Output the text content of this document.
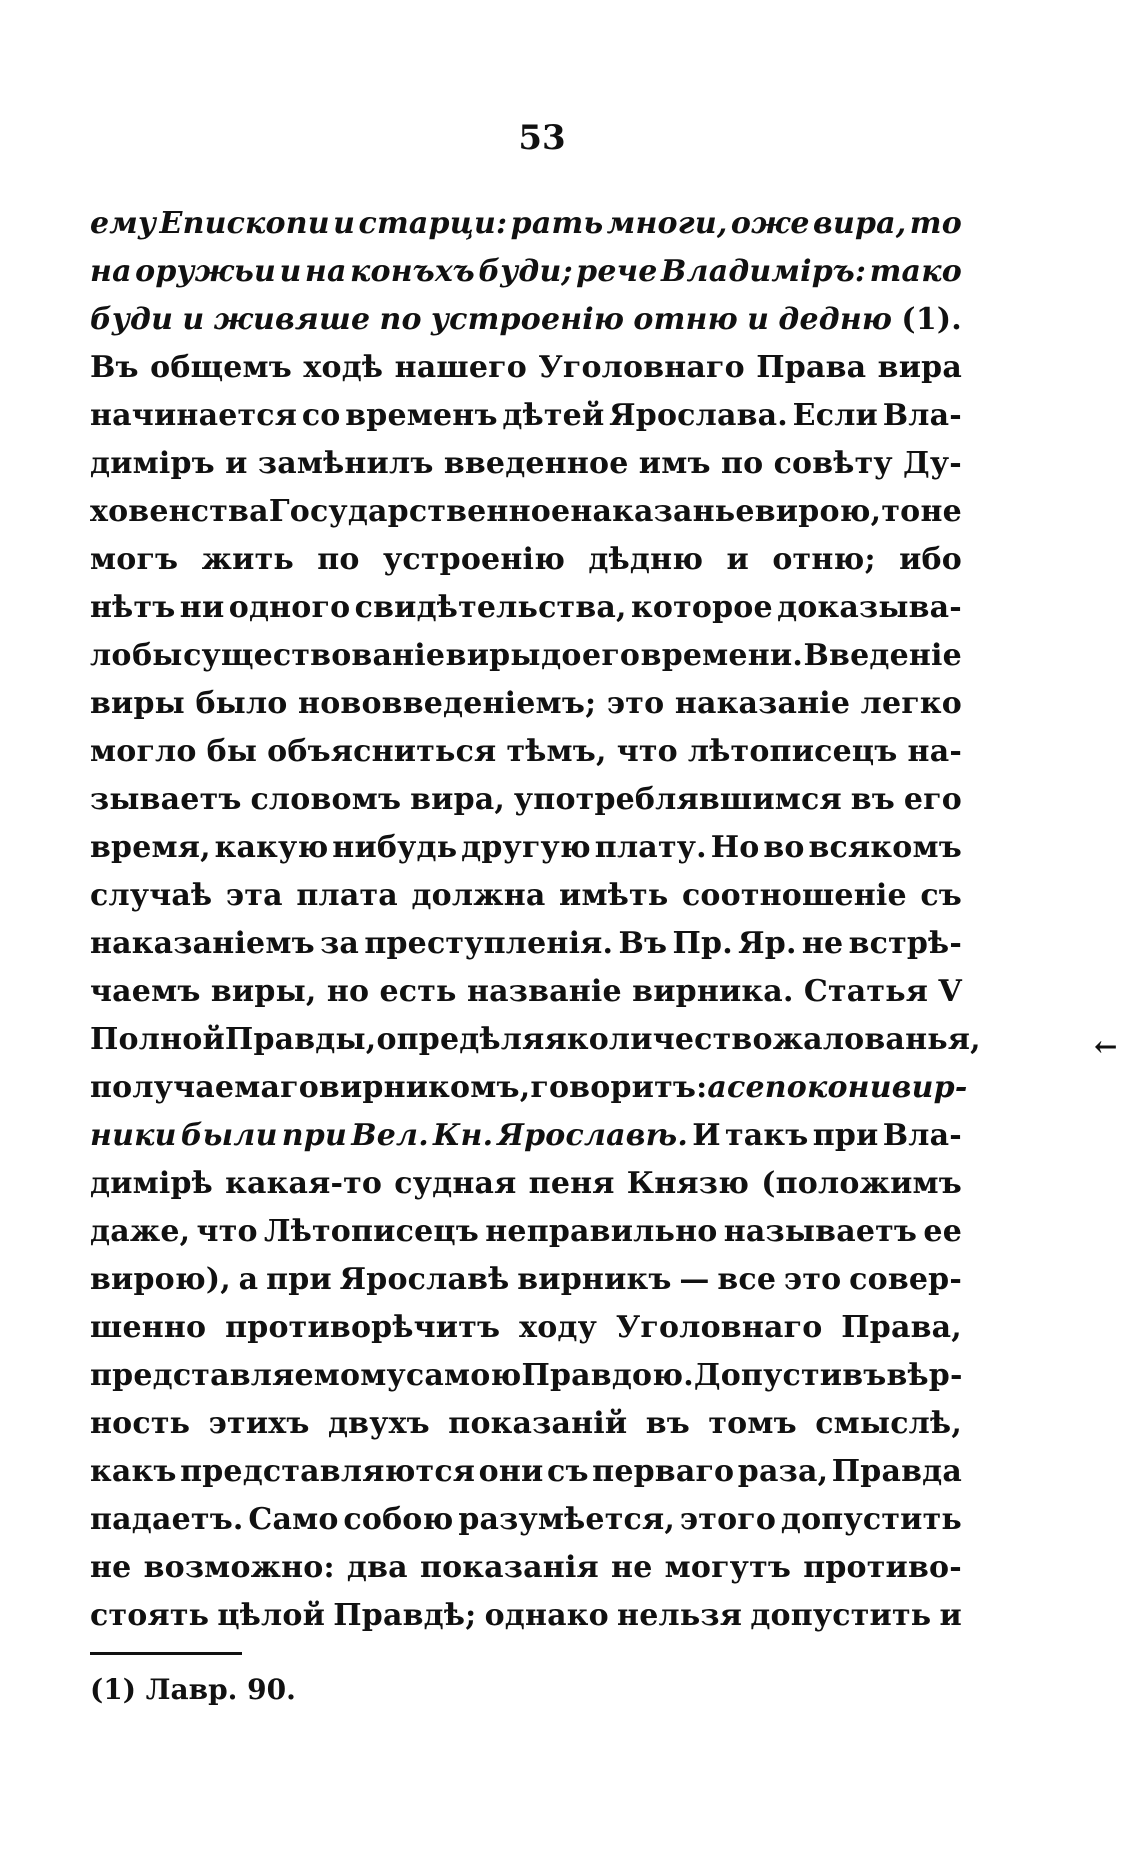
53
ему Епископи и старци: рать многи, оже вира, то
на оружьи и на конъхъ буди; рече Владиміръ: тако
буди и живяше по устроенію отню и дедню (1).
Въ общемъ ходѣ нашего Уголовнаго Права вира
начинается со временъ дѣтей Ярослава. Если Вла-
диміръ и замѣнилъ введенное имъ по совѣту Ду-
ховенства Государственное наказанье вирою, то не
могъ жить по устроенію дѣдню и отню; ибо
нѣтъ ни одного свидѣтельства, которое доказыва-
ло бы существованіе виры до его времени. Введеніе
виры было нововведеніемъ; это наказаніе легко
могло бы объясниться тѣмъ, что лѣтописецъ на-
зываетъ словомъ вира, употреблявшимся въ его
время, какую нибудь другую плату. Но во всякомъ
случаѣ эта плата должна имѣть соотношеніе съ
наказаніемъ за преступленія. Въ Пр. Яр. не встрѣ-
чаемъ виры, но есть названіе вирника. Статья V
Полной Правды, опредѣляя количество жалованья,
получаемаго вирникомъ, говоритъ: а се покони вир-
ники были при Вел. Кн. Ярославѣ. И такъ при Вла-
димірѣ какая-то судная пеня Князю (положимъ
даже, что Лѣтописецъ неправильно называетъ ее
вирою), а при Ярославѣ вирникъ — все это совер-
шенно противорѣчитъ ходу Уголовнаго Права,
представляемому самою Правдою. Допустивъ вѣр-
ность этихъ двухъ показаній въ томъ смыслѣ,
какъ представляются они съ перваго раза, Правда
падаетъ. Само собою разумѣется, этого допустить
не возможно: два показанія не могутъ противо-
стоять цѣлой Правдѣ; однако нельзя допустить и
(1) Лавр. 90.
←
